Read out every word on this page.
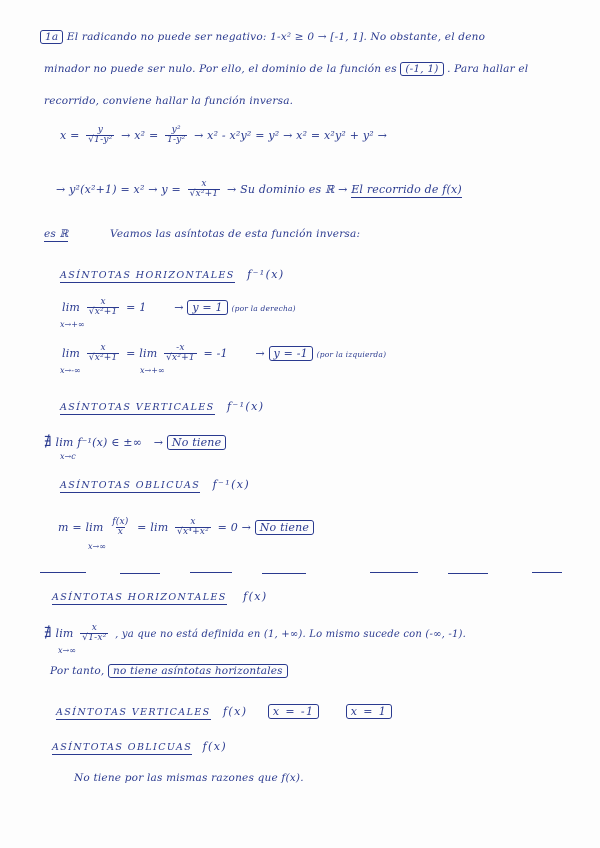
1a El radicando no puede ser negativo: 1-x² ≥ 0 → [-1, 1]. No obstante, el deno
minador no puede ser nulo. Por ello, el dominio de la función es (-1, 1) . Para hallar el
recorrido, conviene hallar la función inversa.
$x = \frac{y}{\text{√1-y²}} \to x^2 = \frac{\text{y²}}{\text{1-y²}} \to x^2 - x^2y^2 = y^2 \to x^2 = x^2y^2 + y^2$ →
→ $y^2(x^2+1) = x^2 \to y = \frac{x}{\text{√x²+1}} \to Su$ dominio es ℝ → El recorrido de f(x)
es ℝ	Veamos las asíntotas de esta función inversa:
ASÍNTOTAS HORIZONTALES f⁻¹(x)
$\lim \frac{x}{\text{√x²+1}} = 1$	→ y = 1 (por la derecha)
x→+∞
$\lim \frac{x}{\text{√x²+1}} = \lim \frac{-x}{\text{√x²+1}} = -1$	→ y = -1 (por la izquierda)
x→-∞	x→+∞
ASÍNTOTAS VERTICALES f⁻¹(x)
∄ lim f⁻¹(x) ∈ ±∞ → No tiene
x→c
ASÍNTOTAS OBLICUAS f⁻¹(x)
$m = \lim \frac{f(x)}{x} = \lim \frac{x}{\text{√x⁴+x²}} = 0 \to No$ tiene
x→∞
ASÍNTOTAS HORIZONTALES f(x)
∄ $\lim \frac{x}{\text{√1-x²}}$ , ya que no está definida en (1, +∞). Lo mismo sucede con (-∞, -1).
x→∞
Por tanto, no tiene asíntotas horizontales
ASÍNTOTAS VERTICALES f(x) x = -1	x = 1
ASÍNTOTAS OBLICUAS f(x)
No tiene por las mismas razones que f(x).
